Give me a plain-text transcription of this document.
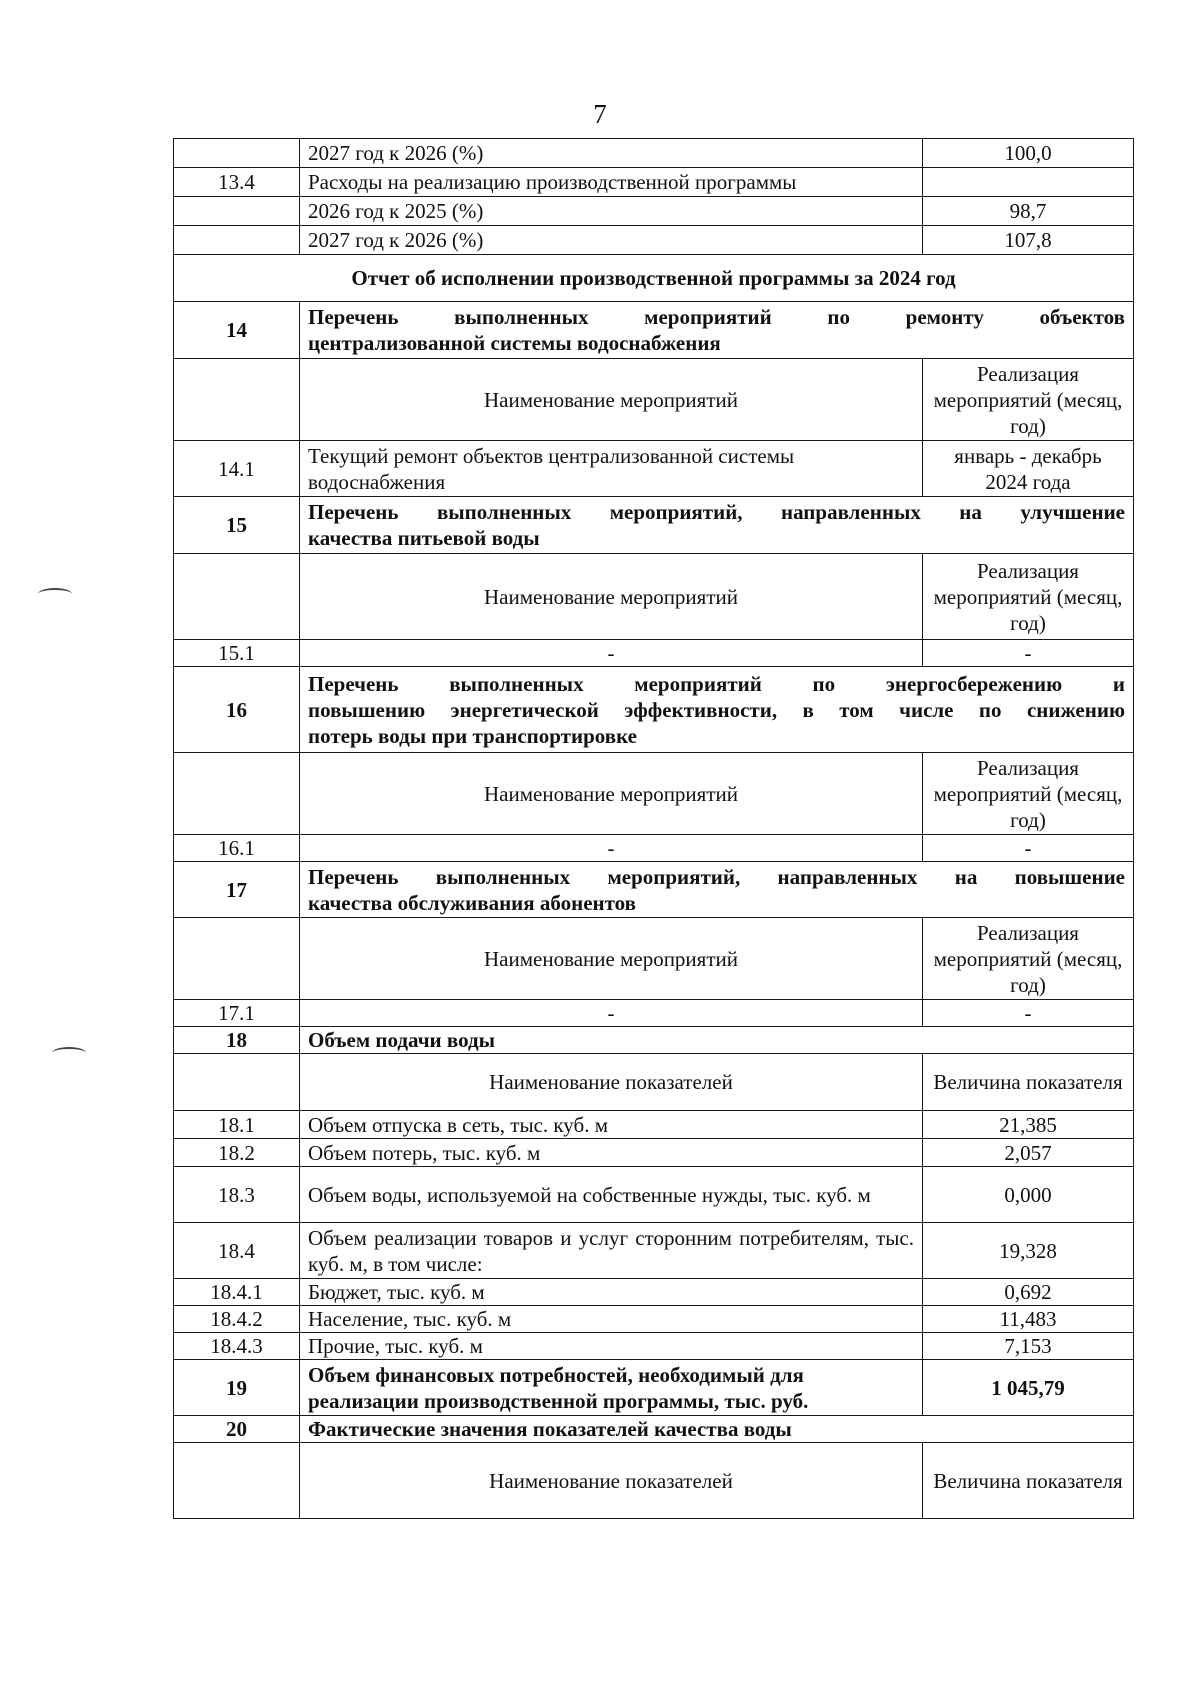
7
	2027 год к 2026 (%)	100,0
13.4	Расходы на реализацию производственной программы	
	2026 год к 2025 (%)	98,7
	2027 год к 2026 (%)	107,8
Отчет об исполнении производственной программы за 2024 год		
14	Перечень выполненных мероприятий по ремонту объектов
централизованной системы водоснабжения	

	Наименование мероприятий	Реализация мероприятий (месяц, год)
14.1	Текущий ремонт объектов централизованной системы водоснабжения	январь - декабрь 2024 года
15	Перечень выполненных мероприятий, направленных на улучшение
качества питьевой воды	

	Наименование мероприятий	Реализация мероприятий (месяц, год)
15.1	-	-
16	Перечень выполненных мероприятий по энергосбережению и
повышению энергетической эффективности, в том числе по снижению
потерь воды при транспортировке	

	Наименование мероприятий	Реализация мероприятий (месяц, год)
16.1	-	-
17	Перечень выполненных мероприятий, направленных на повышение
качества обслуживания абонентов	

	Наименование мероприятий	Реализация мероприятий (месяц, год)
17.1	-	-
18	Объем подачи воды	
	Наименование показателей	Величина показателя
18.1	Объем отпуска в сеть, тыс. куб. м	21,385
18.2	Объем потерь, тыс. куб. м	2,057
18.3	Объем воды, используемой на собственные нужды, тыс. куб. м	0,000
18.4	Объем реализации товаров и услуг сторонним потребителям, тыс. куб. м, в том числе:	19,328
18.4.1	Бюджет, тыс. куб. м	0,692
18.4.2	Население, тыс. куб. м	11,483
18.4.3	Прочие, тыс. куб. м	7,153
19	Объем финансовых потребностей, необходимый для реализации производственной программы, тыс. руб.	1 045,79
20	Фактические значения показателей качества воды	
	Наименование показателей	Величина показателя
